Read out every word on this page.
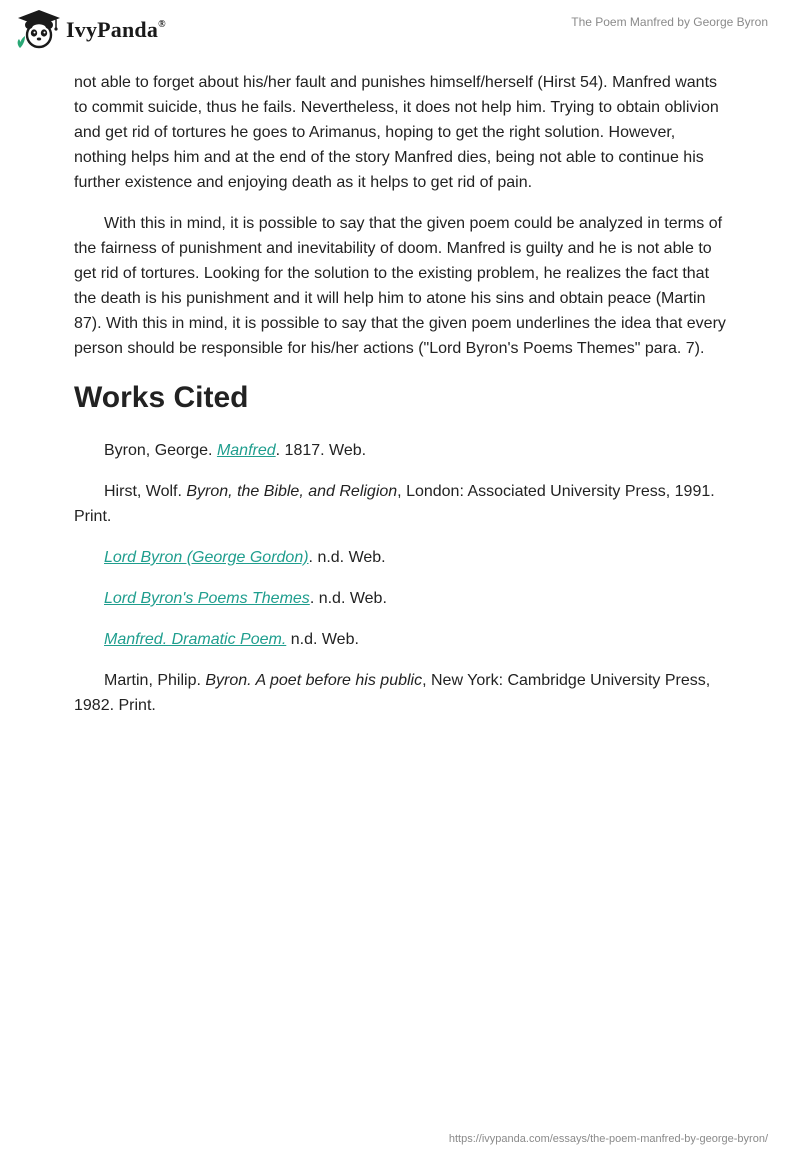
IvyPanda®	The Poem Manfred by George Byron

not able to forget about his/her fault and punishes himself/herself (Hirst 54). Manfred wants to commit suicide, thus he fails. Nevertheless, it does not help him. Trying to obtain oblivion and get rid of tortures he goes to Arimanus, hoping to get the right solution. However, nothing helps him and at the end of the story Manfred dies, being not able to continue his further existence and enjoying death as it helps to get rid of pain.

With this in mind, it is possible to say that the given poem could be analyzed in terms of the fairness of punishment and inevitability of doom. Manfred is guilty and he is not able to get rid of tortures. Looking for the solution to the existing problem, he realizes the fact that the death is his punishment and it will help him to atone his sins and obtain peace (Martin 87). With this in mind, it is possible to say that the given poem underlines the idea that every person should be responsible for his/her actions ("Lord Byron's Poems Themes" para. 7).

Works Cited

Byron, George. Manfred. 1817. Web.

Hirst, Wolf. Byron, the Bible, and Religion, London: Associated University Press, 1991. Print.

Lord Byron (George Gordon). n.d. Web.

Lord Byron's Poems Themes. n.d. Web.

Manfred. Dramatic Poem. n.d. Web.

Martin, Philip. Byron. A poet before his public, New York: Cambridge University Press, 1982. Print.

https://ivypanda.com/essays/the-poem-manfred-by-george-byron/
